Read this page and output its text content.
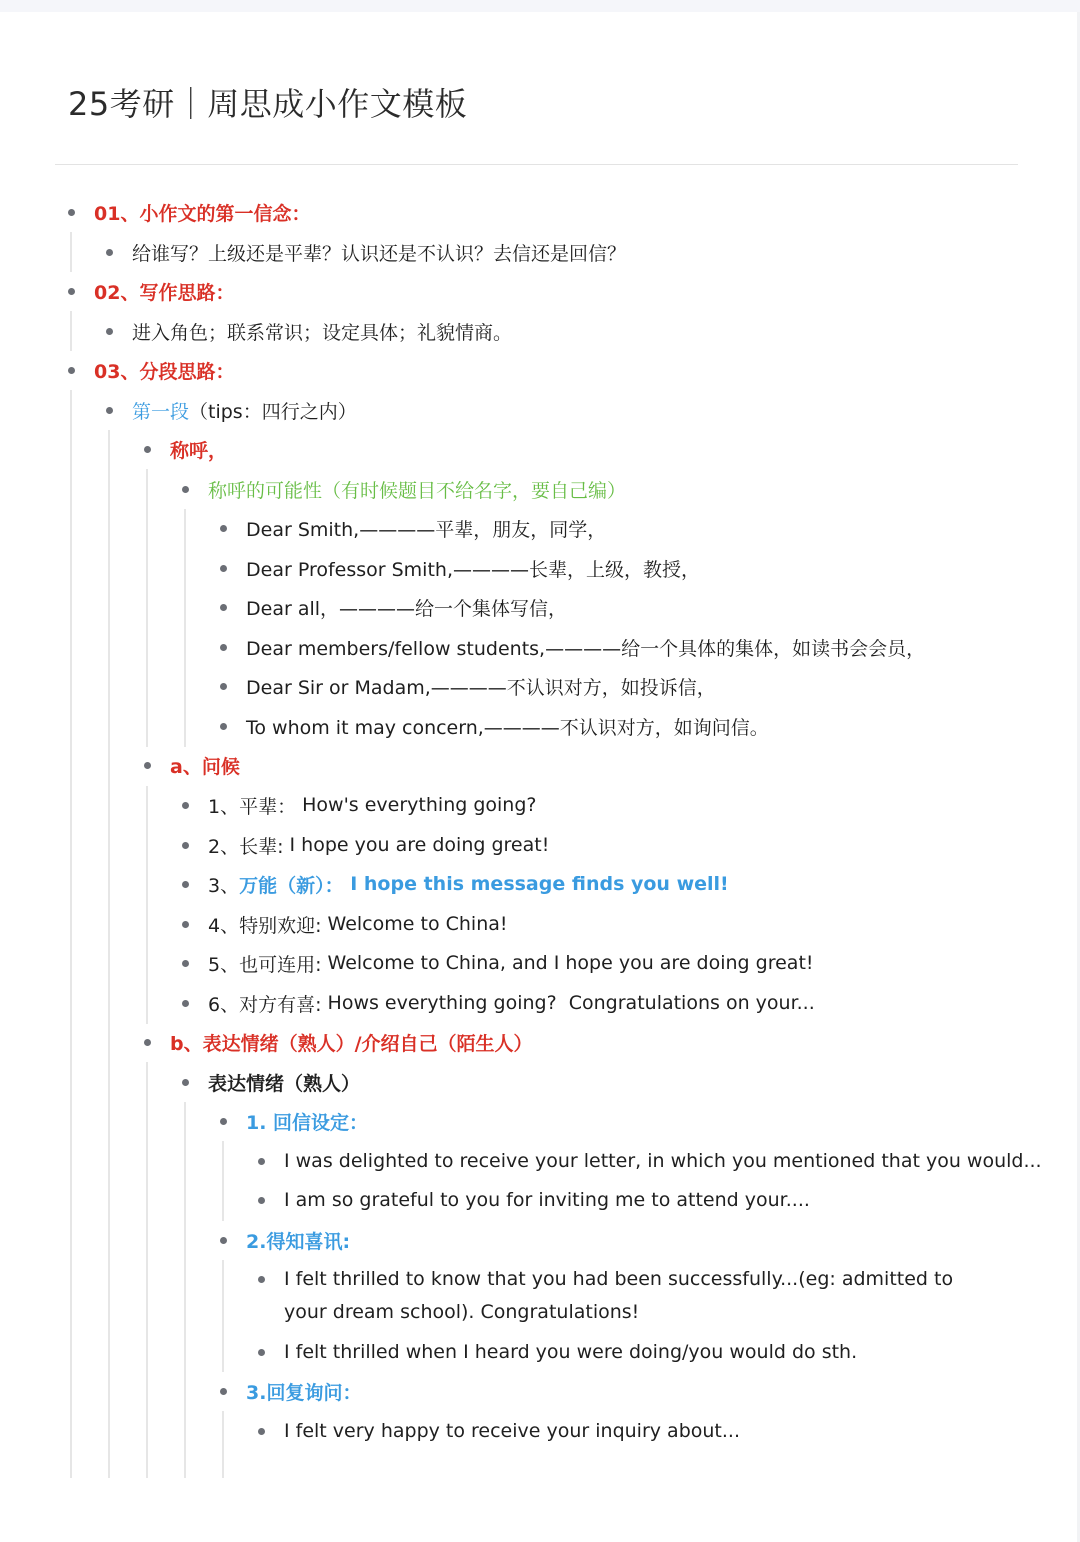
25考研｜周思成小作文模板
01、小作文的第一信念：
给谁写？上级还是平辈？认识还是不认识？去信还是回信？
02、写作思路：
进入角色；联系常识；设定具体；礼貌情商。
03、分段思路：
第一段 （tips：四行之内）
称呼，
称呼的可能性（有时候题目不给名字，要自己编）
Dear Smith,————平辈，朋友，同学，
Dear Professor Smith,————长辈，上级，教授，
Dear all，————给一个集体写信，
Dear members/fellow students,————给一个具体的集体，如读书会会员，
Dear Sir or Madam,————不认识对方，如投诉信，
To whom it may concern,————不认识对方，如询问信。
a、问候
1、平辈： How's everything going?
2、长辈: I hope you are doing great!
3、 万能（新）： I hope this message finds you well!
4、特别欢迎: Welcome to China!
5、也可连用: Welcome to China, and I hope you are doing great!
6、对方有喜: Hows everything going?  Congratulations on your...
b、表达情绪（熟人）/介绍自己（陌生人）
表达情绪（熟人）
1. 回信设定：
I was delighted to receive your letter, in which you mentioned that you would...
I am so grateful to you for inviting me to attend your....
2.得知喜讯:
I felt thrilled to know that you had been successfully...(eg: admitted to your dream school). Congratulations!
I felt thrilled when I heard you were doing/you would do sth.
3.回复询问：
I felt very happy to receive your inquiry about...
